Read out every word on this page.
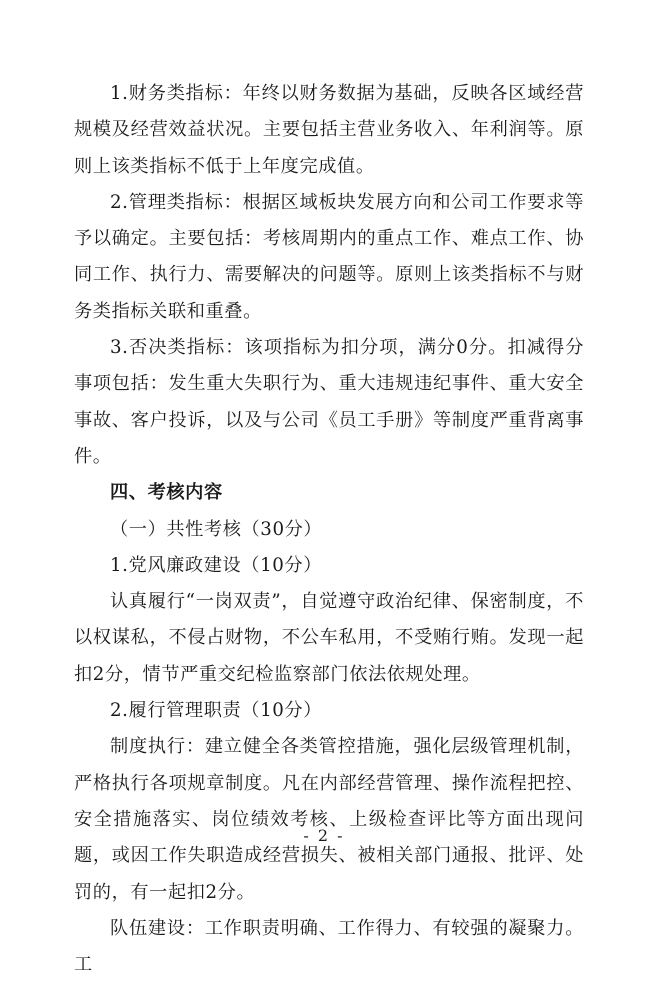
1.财务类指标：年终以财务数据为基础，反映各区域经营规模及经营效益状况。主要包括主营业务收入、年利润等。原则上该类指标不低于上年度完成值。

2.管理类指标：根据区域板块发展方向和公司工作要求等予以确定。主要包括：考核周期内的重点工作、难点工作、协同工作、执行力、需要解决的问题等。原则上该类指标不与财务类指标关联和重叠。

3.否决类指标：该项指标为扣分项，满分0分。扣减得分事项包括：发生重大失职行为、重大违规违纪事件、重大安全事故、客户投诉，以及与公司《员工手册》等制度严重背离事件。

四、考核内容

（一）共性考核（30分）

1.党风廉政建设（10分）

认真履行“一岗双责”，自觉遵守政治纪律、保密制度，不以权谋私，不侵占财物，不公车私用，不受贿行贿。发现一起扣2分，情节严重交纪检监察部门依法依规处理。

2.履行管理职责（10分）

制度执行：建立健全各类管控措施，强化层级管理机制，严格执行各项规章制度。凡在内部经营管理、操作流程把控、安全措施落实、岗位绩效考核、上级检查评比等方面出现问题，或因工作失职造成经营损失、被相关部门通报、批评、处罚的，有一起扣2分。

队伍建设：工作职责明确、工作得力、有较强的凝聚力。工

- 2 -
